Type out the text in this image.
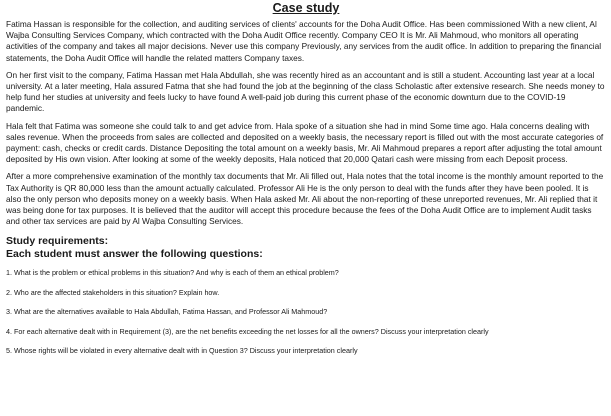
Case study

Fatima Hassan is responsible for the collection, and auditing services of clients' accounts for the Doha Audit Office. Has been commissioned With a new client, Al Wajba Consulting Services Company, which contracted with the Doha Audit Office recently. Company CEO It is Mr. Ali Mahmoud, who monitors all operating activities of the company and takes all major decisions. Never use this company Previously, any services from the audit office. In addition to preparing the financial statements, the Doha Audit Office will handle the related matters Company taxes.

On her first visit to the company, Fatima Hassan met Hala Abdullah, she was recently hired as an accountant and is still a student. Accounting last year at a local university. At a later meeting, Hala assured Fatma that she had found the job at the beginning of the class Scholastic after extensive research. She needs money to help fund her studies at university and feels lucky to have found A well-paid job during this current phase of the economic downturn due to the COVID-19 pandemic.

Hala felt that Fatima was someone she could talk to and get advice from. Hala spoke of a situation she had in mind Some time ago. Hala concerns dealing with sales revenue. When the proceeds from sales are collected and deposited on a weekly basis, the necessary report is filled out with the most accurate categories of payment: cash, checks or credit cards. Distance Depositing the total amount on a weekly basis, Mr. Ali Mahmoud prepares a report after adjusting the total amount deposited by His own vision. After looking at some of the weekly deposits, Hala noticed that 20,000 Qatari cash were missing from each Deposit process.

After a more comprehensive examination of the monthly tax documents that Mr. Ali filled out, Hala notes that the total income is the monthly amount reported to the Tax Authority is QR 80,000 less than the amount actually calculated. Professor Ali He is the only person to deal with the funds after they have been pooled. It is also the only person who deposits money on a weekly basis. When Hala asked Mr. Ali about the non-reporting of these unreported revenues, Mr. Ali replied that it was being done for tax purposes. It is believed that the auditor will accept this procedure because the fees of the Doha Audit Office are to implement Audit tasks and other tax services are paid by Al Wajba Consulting Services.

Study requirements:
Each student must answer the following questions:
1. What is the problem or ethical problems in this situation? And why is each of them an ethical problem?
2. Who are the affected stakeholders in this situation? Explain how.
3. What are the alternatives available to Hala Abdullah, Fatima Hassan, and Professor Ali Mahmoud?
4. For each alternative dealt with in Requirement (3), are the net benefits exceeding the net losses for all the owners? Discuss your interpretation clearly
5. Whose rights will be violated in every alternative dealt with in Question 3? Discuss your interpretation clearly
